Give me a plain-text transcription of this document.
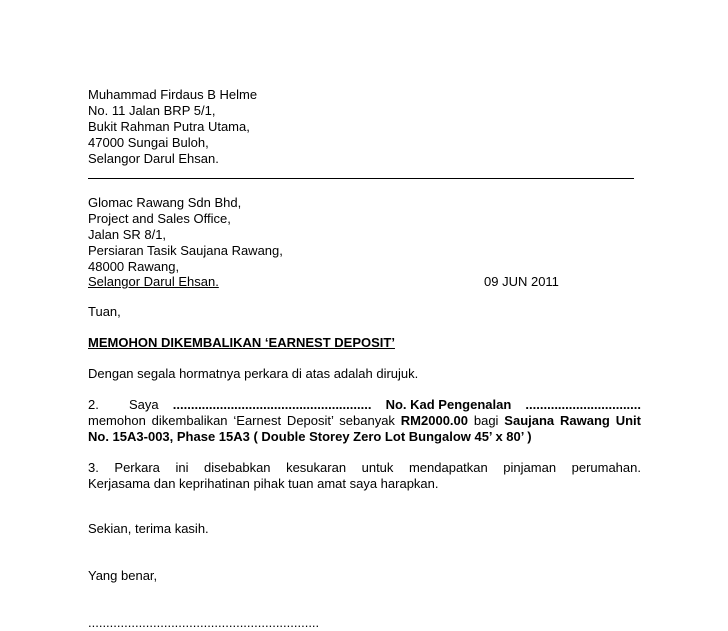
Muhammad Firdaus B Helme
No. 11 Jalan BRP 5/1,
Bukit Rahman Putra Utama,
47000 Sungai Buloh,
Selangor Darul Ehsan.
Glomac Rawang Sdn Bhd,
Project and Sales Office,
Jalan SR 8/1,
Persiaran Tasik Saujana Rawang,
48000 Rawang,
Selangor Darul Ehsan.	09 JUN 2011
Tuan,
MEMOHON DIKEMBALIKAN ‘EARNEST DEPOSIT’
Dengan segala hormatnya perkara di atas adalah dirujuk.
2.	Saya ....................................................... No. Kad Pengenalan ................................
memohon dikembalikan ‘Earnest Deposit’ sebanyak RM2000.00 bagi Saujana Rawang Unit
No. 15A3-003, Phase 15A3 ( Double Storey Zero Lot Bungalow 45’ x 80’ )
3. Perkara ini disebabkan kesukaran untuk mendapatkan pinjaman perumahan.
Kerjasama dan keprihatinan pihak tuan amat saya harapkan.
Sekian, terima kasih.
Yang benar,
................................................................
